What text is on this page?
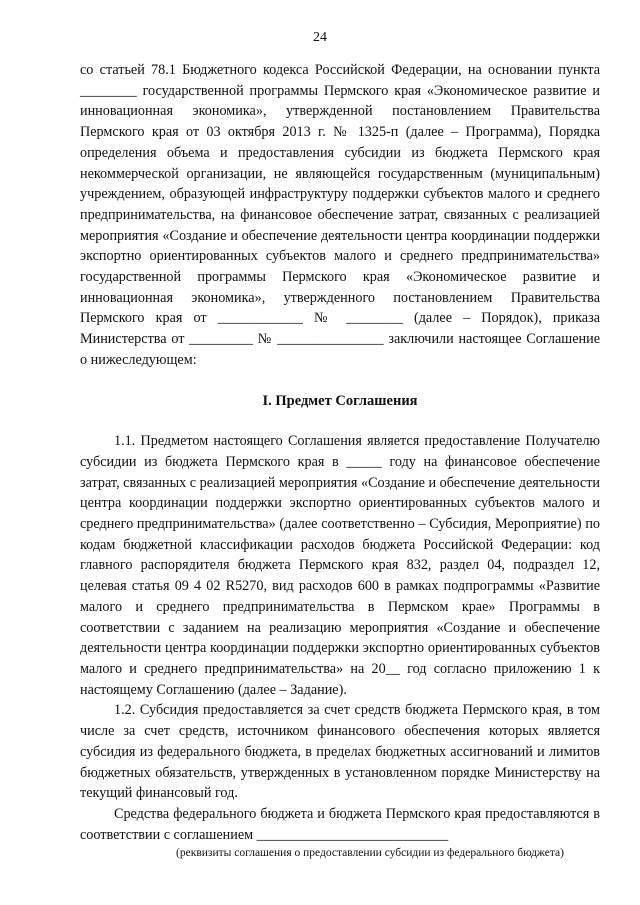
24

со статьей 78.1 Бюджетного кодекса Российской Федерации, на основании пункта ________ государственной программы Пермского края «Экономическое развитие и инновационная экономика», утвержденной постановлением Правительства Пермского края от 03 октября 2013 г. № 1325-п (далее – Программа), Порядка определения объема и предоставления субсидии из бюджета Пермского края некоммерческой организации, не являющейся государственным (муниципальным) учреждением, образующей инфраструктуру поддержки субъектов малого и среднего предпринимательства, на финансовое обеспечение затрат, связанных с реализацией мероприятия «Создание и обеспечение деятельности центра координации поддержки экспортно ориентированных субъектов малого и среднего предпринимательства» государственной программы Пермского края «Экономическое развитие и инновационная экономика», утвержденного постановлением Правительства Пермского края от ____________ № ________ (далее – Порядок), приказа Министерства от _________ № _______________ заключили настоящее Соглашение о нижеследующем:

I. Предмет Соглашения

1.1. Предметом настоящего Соглашения является предоставление Получателю субсидии из бюджета Пермского края в _____ году на финансовое обеспечение затрат, связанных с реализацией мероприятия «Создание и обеспечение деятельности центра координации поддержки экспортно ориентированных субъектов малого и среднего предпринимательства» (далее соответственно – Субсидия, Мероприятие) по кодам бюджетной классификации расходов бюджета Российской Федерации: код главного распорядителя бюджета Пермского края 832, раздел 04, подраздел 12, целевая статья 09 4 02 R5270, вид расходов 600 в рамках подпрограммы «Развитие малого и среднего предпринимательства в Пермском крае» Программы в соответствии с заданием на реализацию мероприятия «Создание и обеспечение деятельности центра координации поддержки экспортно ориентированных субъектов малого и среднего предпринимательства» на 20__ год согласно приложению 1 к настоящему Соглашению (далее – Задание).

1.2. Субсидия предоставляется за счет средств бюджета Пермского края, в том числе за счет средств, источником финансового обеспечения которых является субсидия из федерального бюджета, в пределах бюджетных ассигнований и лимитов бюджетных обязательств, утвержденных в установленном порядке Министерству на текущий финансовый год.

Средства федерального бюджета и бюджета Пермского края предоставляются в соответствии с соглашением ___________________________

(реквизиты соглашения о предоставлении субсидии из федерального бюджета)
